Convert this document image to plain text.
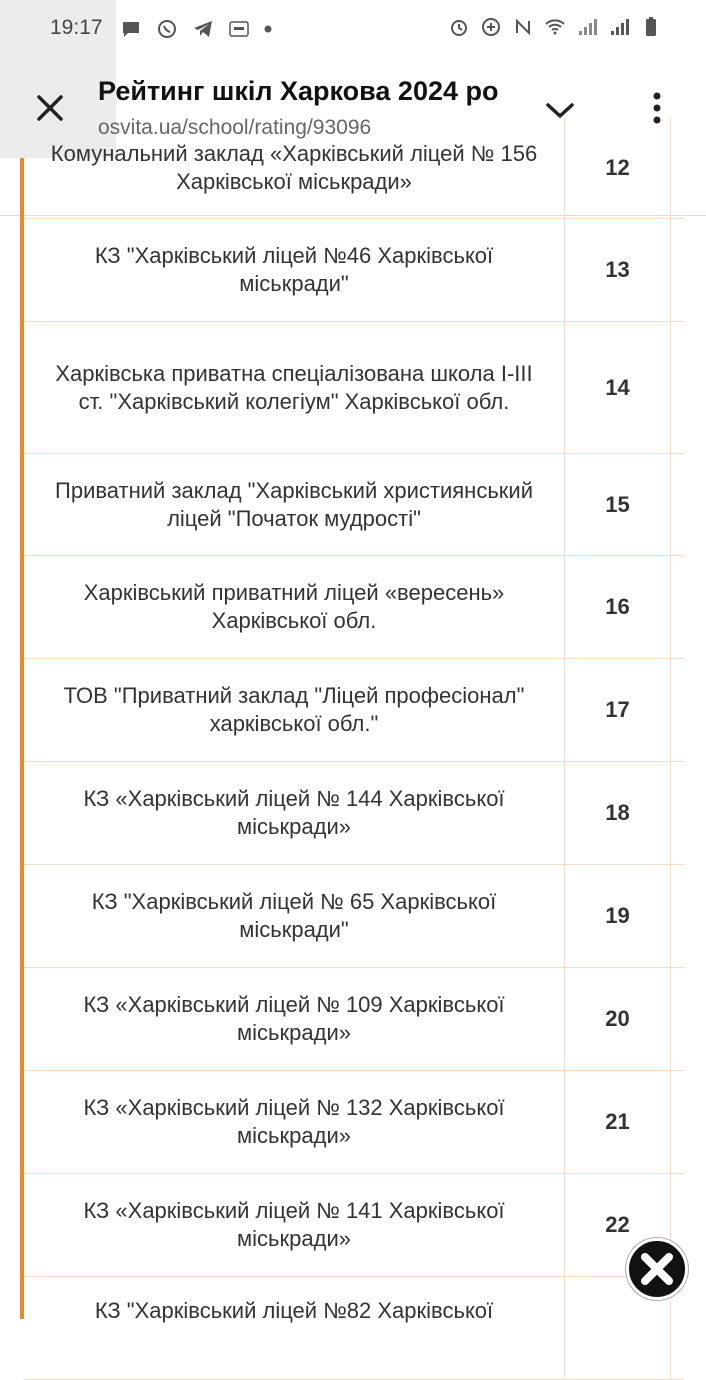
19:17
Рейтинг шкіл Харкова 2024 ро
osvita.ua/school/rating/93096
Комунальний заклад «Харківський ліцей № 156 Харківської міськради»
12
КЗ "Харківський ліцей №46 Харківської міськради"
13
Харківська приватна спеціалізована школа І-ІІІ ст. "Харківський колегіум" Харківської обл.
14
Приватний заклад "Харківський християнський ліцей "Початок мудрості"
15
Харківський приватний ліцей «вересень» Харківської обл.
16
ТОВ "Приватний заклад "Ліцей професіонал" харківської обл."
17
КЗ «Харківський ліцей № 144 Харківської міськради»
18
КЗ "Харківський ліцей № 65 Харківської міськради"
19
КЗ «Харківський ліцей № 109 Харківської міськради»
20
КЗ «Харківський ліцей № 132 Харківської міськради»
21
КЗ «Харківський ліцей № 141 Харківської міськради»
22
КЗ "Харківський ліцей №82 Харківської
